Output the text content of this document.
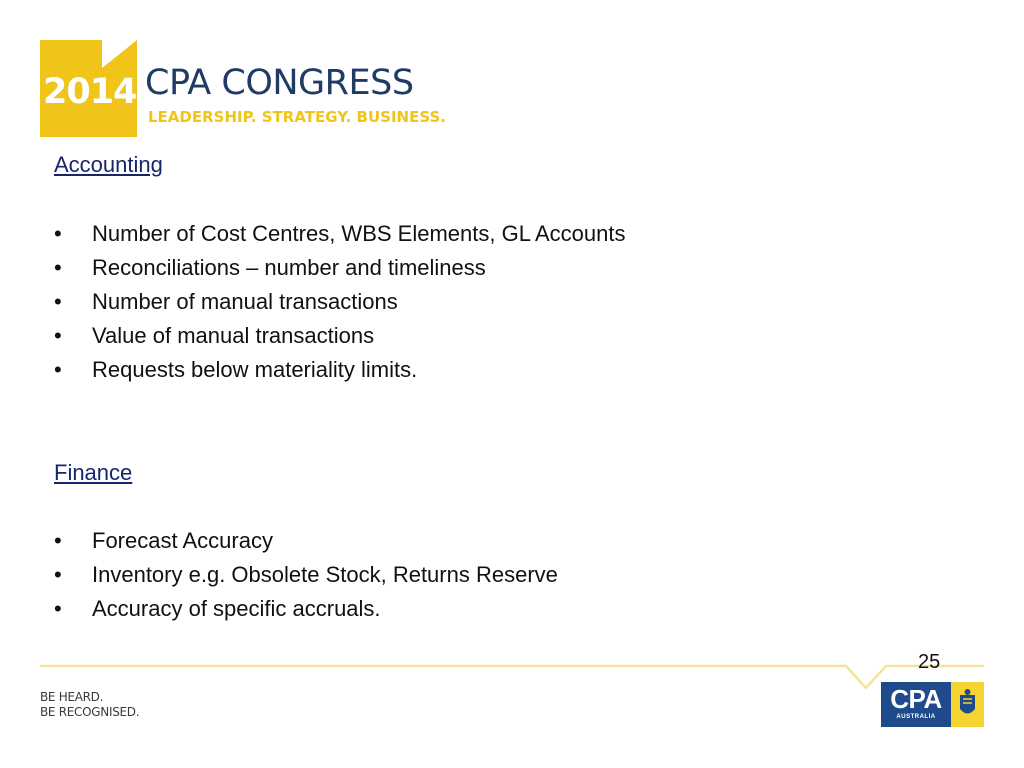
2014 CPA CONGRESS
LEADERSHIP. STRATEGY. BUSINESS.
Accounting
•	Number of Cost Centres, WBS Elements, GL Accounts
•	Reconciliations – number and timeliness
•	Number of manual transactions
•	Value of manual transactions
•	Requests below materiality limits.
Finance
•	Forecast Accuracy
•	Inventory e.g. Obsolete Stock, Returns Reserve
•	Accuracy of specific accruals.
25
BE HEARD.
BE RECOGNISED.	CPA
AUSTRALIA
